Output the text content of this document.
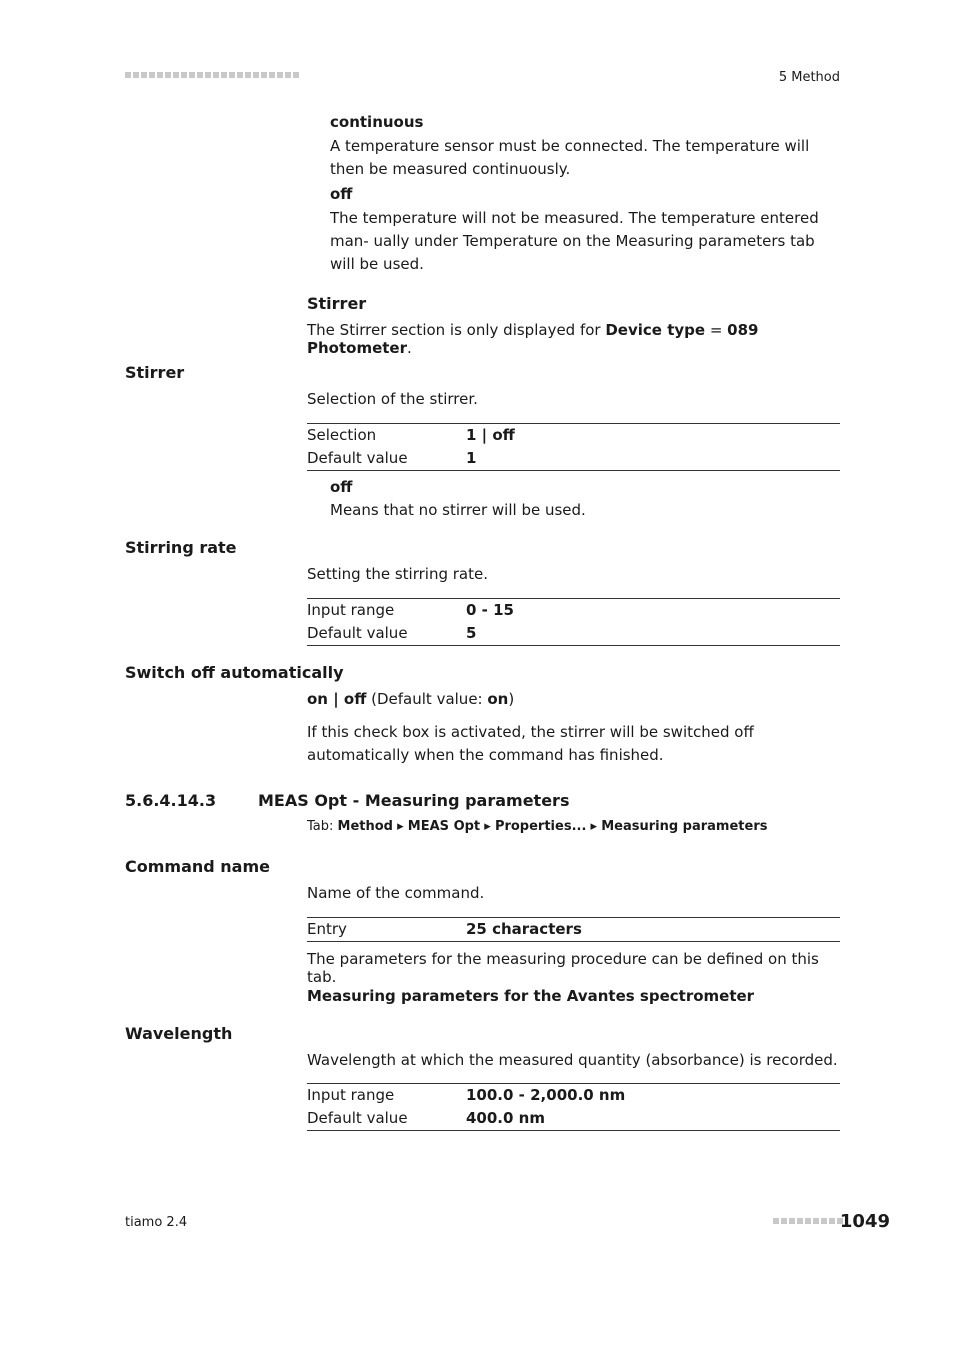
5 Method
continuous
A temperature sensor must be connected. The temperature will then be measured continuously.
off
The temperature will not be measured. The temperature entered man- ually under Temperature on the Measuring parameters tab will be used.
Stirrer
The Stirrer section is only displayed for Device type = 089 Photometer.
Stirrer
Selection of the stirrer.
Selection	1 | off
Default value	1
off
Means that no stirrer will be used.
Stirring rate
Setting the stirring rate.
Input range	0 - 15
Default value	5
Switch off automatically
on | off (Default value: on)
If this check box is activated, the stirrer will be switched off automatically when the command has finished.
5.6.4.14.3	MEAS Opt - Measuring parameters
Tab: Method ▸ MEAS Opt ▸ Properties... ▸ Measuring parameters
Command name
Name of the command.
Entry	25 characters
The parameters for the measuring procedure can be defined on this tab.
Measuring parameters for the Avantes spectrometer
Wavelength
Wavelength at which the measured quantity (absorbance) is recorded.
Input range	100.0 - 2,000.0 nm
Default value	400.0 nm
tiamo 2.4	1049
